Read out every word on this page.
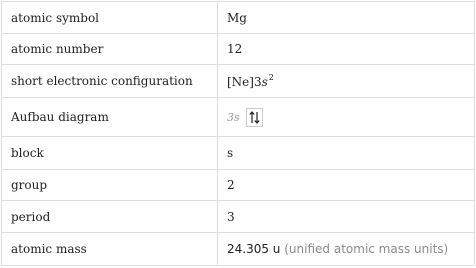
atomic symbol	Mg
atomic number	12
short electronic configuration	$[Ne]3s^2$
Aufbau diagram	3s

block	s
group	2
period	3
atomic mass	24.305 u (unified atomic mass units)
